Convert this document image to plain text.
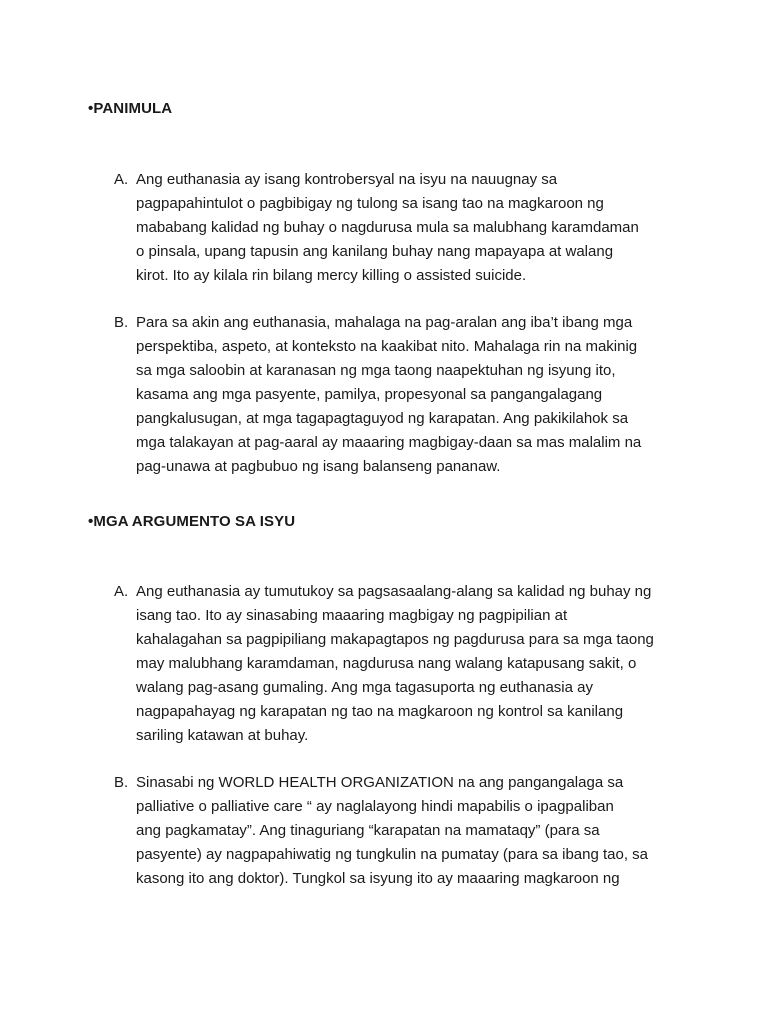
•PANIMULA
A. Ang euthanasia ay isang kontrobersyal na isyu na nauugnay sa
pagpapahintulot o pagbibigay ng tulong sa isang tao na magkaroon ng
mababang kalidad ng buhay o nagdurusa mula sa malubhang karamdaman
o pinsala, upang tapusin ang kanilang buhay nang mapayapa at walang
kirot. Ito ay kilala rin bilang mercy killing o assisted suicide.
B. Para sa akin ang euthanasia, mahalaga na pag-aralan ang iba’t ibang mga
perspektiba, aspeto, at konteksto na kaakibat nito. Mahalaga rin na makinig
sa mga saloobin at karanasan ng mga taong naapektuhan ng isyung ito,
kasama ang mga pasyente, pamilya, propesyonal sa pangangalagang
pangkalusugan, at mga tagapagtaguyod ng karapatan. Ang pakikilahok sa
mga talakayan at pag-aaral ay maaaring magbigay-daan sa mas malalim na
pag-unawa at pagbubuo ng isang balanseng pananaw.
•MGA ARGUMENTO SA ISYU
A. Ang euthanasia ay tumutukoy sa pagsasaalang-alang sa kalidad ng buhay ng
isang tao. Ito ay sinasabing maaaring magbigay ng pagpipilian at
kahalagahan sa pagpipiliang makapagtapos ng pagdurusa para sa mga taong
may malubhang karamdaman, nagdurusa nang walang katapusang sakit, o
walang pag-asang gumaling. Ang mga tagasuporta ng euthanasia ay
nagpapahayag ng karapatan ng tao na magkaroon ng kontrol sa kanilang
sariling katawan at buhay.
B. Sinasabi ng WORLD HEALTH ORGANIZATION na ang pangangalaga sa
palliative o palliative care “ ay naglalayong hindi mapabilis o ipagpaliban
ang pagkamatay”. Ang tinaguriang “karapatan na mamataqy” (para sa
pasyente) ay nagpapahiwatig ng tungkulin na pumatay (para sa ibang tao, sa
kasong ito ang doktor). Tungkol sa isyung ito ay maaaring magkaroon ng
